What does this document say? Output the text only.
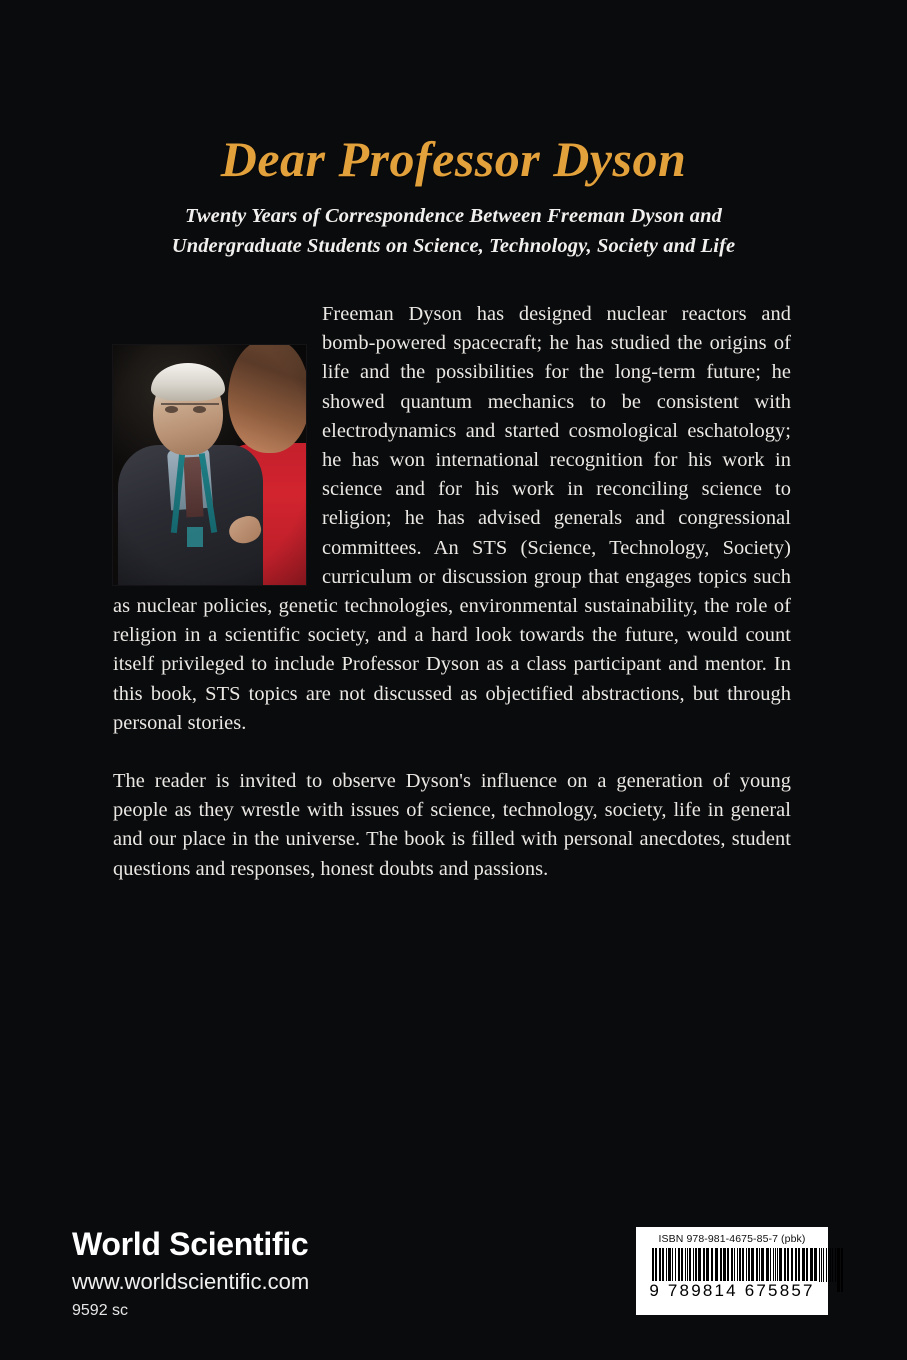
Dear Professor Dyson
Twenty Years of Correspondence Between Freeman Dyson and
Undergraduate Students on Science, Technology, Society and Life

Freeman Dyson has designed nuclear reactors and bomb-powered spacecraft; he has studied the origins of life and the possibilities for the long-term future; he showed quantum mechanics to be consistent with electrodynamics and started cosmological eschatology; he has won international recognition for his work in science and for his work in reconciling science to religion; he has advised generals and congressional committees. An STS (Science, Technology, Society) curriculum or discussion group that engages topics such as nuclear policies, genetic technologies, environmental sustainability, the role of religion in a scientific society, and a hard look towards the future, would count itself privileged to include Professor Dyson as a class participant and mentor. In this book, STS topics are not discussed as objectified abstractions, but through personal stories.

The reader is invited to observe Dyson's influence on a generation of young people as they wrestle with issues of science, technology, society, life in general and our place in the universe. The book is filled with personal anecdotes, student questions and responses, honest doubts and passions.

World Scientific
www.worldscientific.com
9592 sc
ISBN 978-981-4675-85-7 (pbk)
9 789814 675857
